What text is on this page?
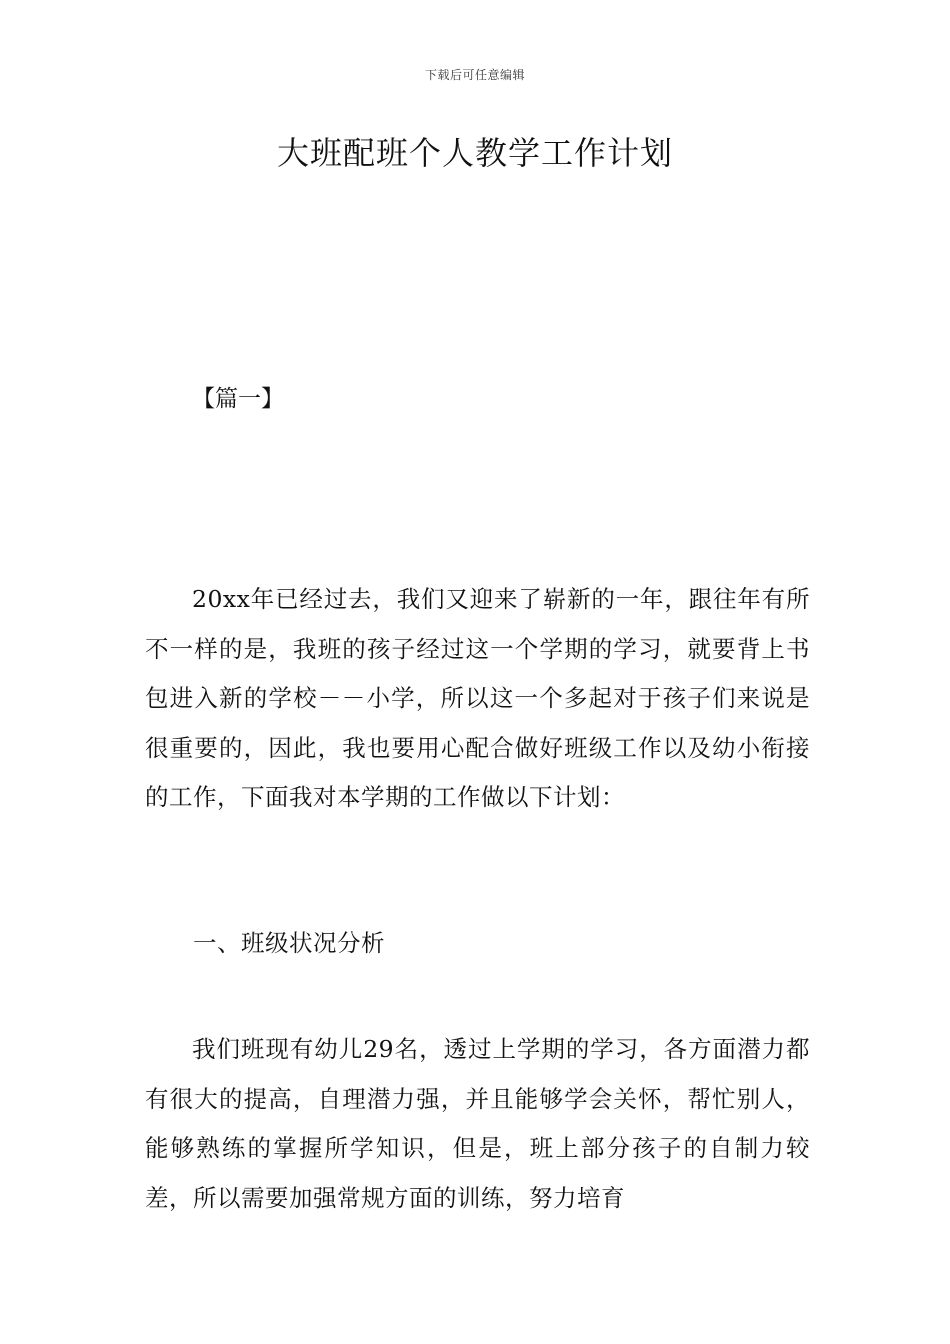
下载后可任意编辑
大班配班个人教学工作计划
【篇一】

20xx年已经过去，我们又迎来了崭新的一年，跟往年有所不一样的是，我班的孩子经过这一个学期的学习，就要背上书包进入新的学校－－小学，所以这一个多起对于孩子们来说是很重要的，因此，我也要用心配合做好班级工作以及幼小衔接的工作，下面我对本学期的工作做以下计划：

一、班级状况分析

我们班现有幼儿29名，透过上学期的学习，各方面潜力都有很大的提高，自理潜力强，并且能够学会关怀，帮忙别人，能够熟练的掌握所学知识，但是，班上部分孩子的自制力较差，所以需要加强常规方面的训练，努力培育
